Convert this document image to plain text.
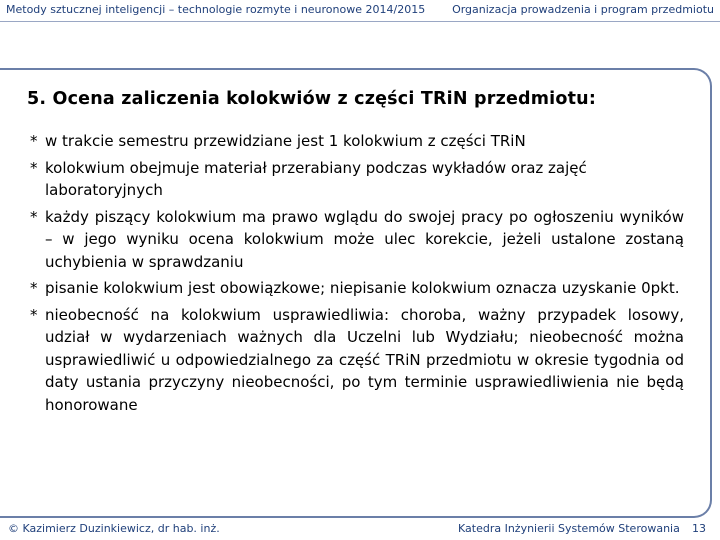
Metody sztucznej inteligencji – technologie rozmyte i neuronowe 2014/2015 Organizacja prowadzenia i program przedmiotu
5. Ocena zaliczenia kolokwiów z części TRiN przedmiotu:
* w trakcie semestru przewidziane jest 1 kolokwium z części TRiN
* kolokwium obejmuje materiał przerabiany podczas wykładów oraz zajęć laboratoryjnych
* każdy piszący kolokwium ma prawo wglądu do swojej pracy po ogłoszeniu wyników – w jego wyniku ocena kolokwium może ulec korekcie, jeżeli ustalone zostaną uchybienia w sprawdzaniu
* pisanie kolokwium jest obowiązkowe; niepisanie kolokwium oznacza uzyskanie 0pkt.
* nieobecność na kolokwium usprawiedliwia: choroba, ważny przypadek losowy, udział w wydarzeniach ważnych dla Uczelni lub Wydziału; nieobecność można usprawiedliwić u odpowiedzialnego za część TRiN przedmiotu w okresie tygodnia od daty ustania przyczyny nieobecności, po tym terminie usprawiedliwienia nie będą honorowane
© Kazimierz Duzinkiewicz, dr hab. inż.	Katedra Inżynierii Systemów Sterowania 13
